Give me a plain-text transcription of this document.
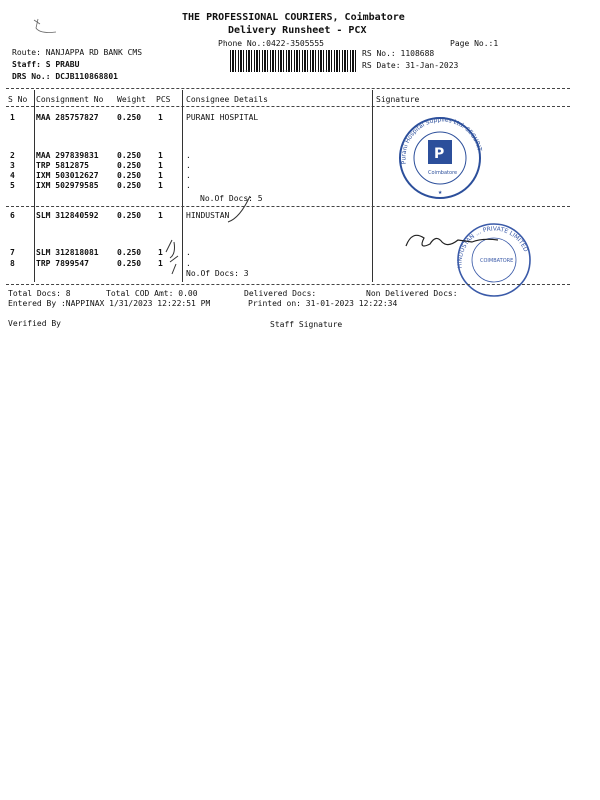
THE PROFESSIONAL COURIERS, Coimbatore
Delivery Runsheet - PCX
Phone No.:0422-3505555	Page No.:1
Route: NANJAPPA RD BANK CMS
Staff: S PRABU
DRS No.: DCJB110868801
RS No.: 1108688
RS Date: 31-Jan-2023
S No Consignment No Weight PCS Consignee Details	Signature
1	MAA 285757827 0.250 1	PURANI HOSPITAL
2	MAA 297839831 0.250 1	.
3	TRP 5812875	0.250 1	.
4	IXM 503012627 0.250 1	.
5	IXM 502979585 0.250 1	.
No.Of Docs: 5
6	SLM 312840592 0.250 1	HINDUSTAN
7	SLM 312818081 0.250 1	.
8	TRP 7899547	0.250 1	.
No.Of Docs: 3
P
Coimbatore
Purani Hospital Supplies Ltd. SECURIT
★
HINDUSTAN ... PRIVATE LIMITED
COIMBATORE
Total Docs: 8	Total COD Amt: 0.00	Delivered Docs:	Non Delivered Docs:
Entered By :NAPPINAX 1/31/2023 12:22:51 PM	Printed on: 31-01-2023 12:22:34
Verified By	Staff Signature
